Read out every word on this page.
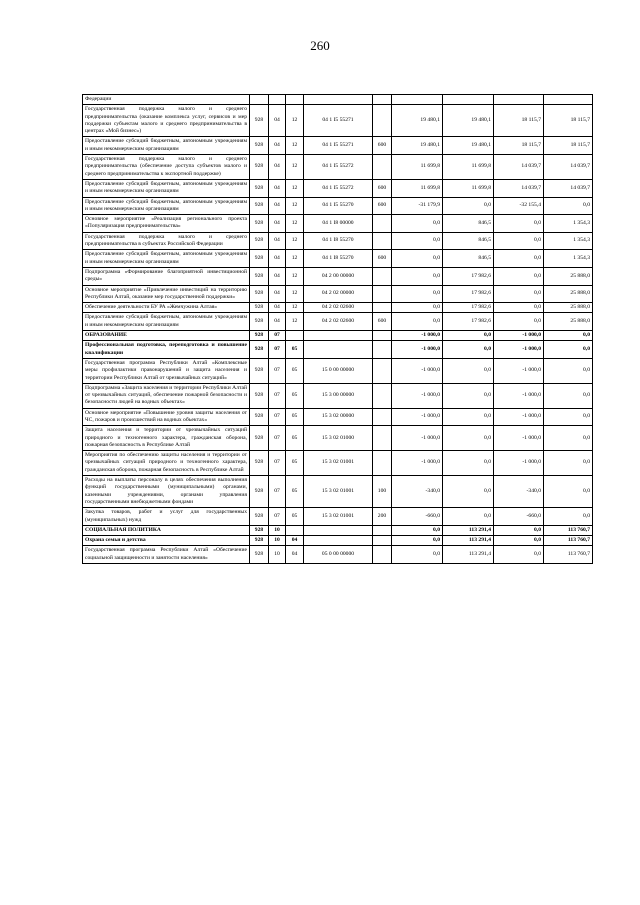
260
Федерации									
Государственная поддержка малого и среднего предпринимательства (оказание комплекса услуг, сервисов и мер поддержки субъектам малого и среднего предпринимательства в центрах «Мой бизнес»)	928	04	12	04 1 I5 55271		19 480,1	19 480,1	18 115,7	18 115,7
Предоставление субсидий бюджетным, автономным учреждениям и иным некоммерческим организациям	928	04	12	04 1 I5 55271	600	19 480,1	19 480,1	18 115,7	18 115,7
Государственная поддержка малого и среднего предпринимательства (обеспечение доступа субъектов малого и среднего предпринимательства к экспортной поддержке)	928	04	12	04 1 I5 55272		11 699,8	11 699,8	14 039,7	14 039,7
Предоставление субсидий бюджетным, автономным учреждениям и иным некоммерческим организациям	928	04	12	04 1 I5 55272	600	11 699,8	11 699,8	14 039,7	14 039,7
Предоставление субсидий бюджетным, автономным учреждениям и иным некоммерческим организациям	928	04	12	04 1 I5 55270	600	-31 179,9	0,0	-32 155,4	0,0
Основное мероприятие «Реализация регионального проекта «Популяризация предпринимательства»	928	04	12	04 1 I8 00000		0,0	846,5	0,0	1 354,3
Государственная поддержка малого и среднего предпринимательства в субъектах Российской Федерации	928	04	12	04 1 I8 55270		0,0	846,5	0,0	1 354,3
Предоставление субсидий бюджетным, автономным учреждениям и иным некоммерческим организациям	928	04	12	04 1 I8 55270	600	0,0	846,5	0,0	1 354,3
Подпрограмма «Формирование благоприятной инвестиционной среды»	928	04	12	04 2 00 00000		0,0	17 982,6	0,0	25 888,0
Основное мероприятие «Привлечение инвестиций на территорию Республики Алтай, оказание мер государственной поддержки»	928	04	12	04 2 02 00000		0,0	17 982,6	0,0	25 888,0
Обеспечение деятельности БУ РА «Жемчужина Алтая»	928	04	12	04 2 02 02600		0,0	17 982,6	0,0	25 888,0
Предоставление субсидий бюджетным, автономным учреждениям и иным некоммерческим организациям	928	04	12	04 2 02 02600	600	0,0	17 982,6	0,0	25 888,0
ОБРАЗОВАНИЕ	928	07				-1 000,0	0,0	-1 000,0	0,0
Профессиональная подготовка, переподготовка и повышение квалификации	928	07	05			-1 000,0	0,0	-1 000,0	0,0
Государственная программа Республики Алтай «Комплексные меры профилактики правонарушений и защита населения и территории Республики Алтай от чрезвычайных ситуаций»	928	07	05	15 0 00 00000		-1 000,0	0,0	-1 000,0	0,0
Подпрограмма «Защита населения и территории Республики Алтай от чрезвычайных ситуаций, обеспечение пожарной безопасности и безопасности людей на водных объектах»	928	07	05	15 3 00 00000		-1 000,0	0,0	-1 000,0	0,0
Основное мероприятие «Повышение уровня защиты населения от ЧС, пожаров и происшествий на водных объектах»	928	07	05	15 3 02 00000		-1 000,0	0,0	-1 000,0	0,0
Защита населения и территории от чрезвычайных ситуаций природного и техногенного характера, гражданская оборона, пожарная безопасность в Республике Алтай	928	07	05	15 3 02 01000		-1 000,0	0,0	-1 000,0	0,0
Мероприятия по обеспечению защиты населения и территории от чрезвычайных ситуаций природного и техногенного характера, гражданская оборона, пожарная безопасность в Республике Алтай	928	07	05	15 3 02 01001		-1 000,0	0,0	-1 000,0	0,0
Расходы на выплаты персоналу в целях обеспечения выполнения функций государственными (муниципальными) органами, казенными учреждениями, органами управления государственными внебюджетными фондами	928	07	05	15 3 02 01001	100	-340,0	0,0	-340,0	0,0
Закупка товаров, работ и услуг для государственных (муниципальных) нужд	928	07	05	15 3 02 01001	200	-660,0	0,0	-660,0	0,0
СОЦИАЛЬНАЯ ПОЛИТИКА	928	10				0,0	113 291,4	0,0	113 760,7
Охрана семьи и детства	928	10	04			0,0	113 291,4	0,0	113 760,7
Государственная программа Республики Алтай «Обеспечение социальной защищенности и занятости населения»	928	10	04	05 0 00 00000		0,0	113 291,4	0,0	113 760,7
